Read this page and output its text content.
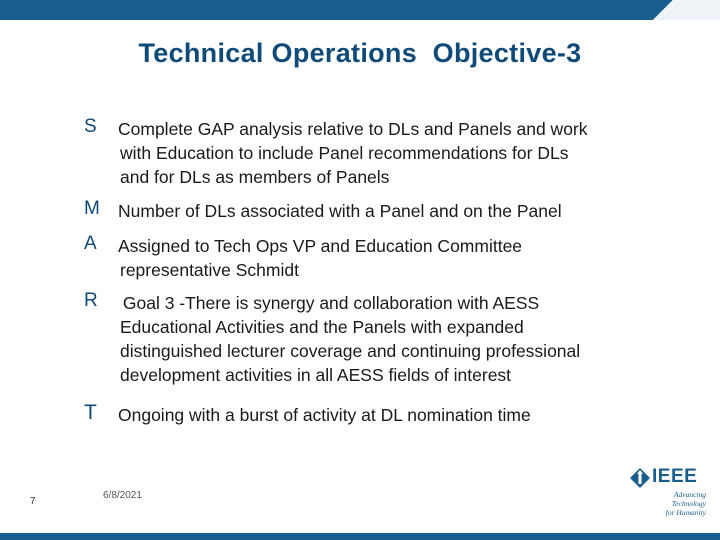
Technical Operations  Objective-3
S	Complete GAP analysis relative to DLs and Panels and work
with Education to include Panel recommendations for DLs
and for DLs as members of Panels
M	Number of DLs associated with a Panel and on the Panel
A	Assigned to Tech Ops VP and Education Committee
representative Schmidt
R	Goal 3 -There is synergy and collaboration with AESS
Educational Activities and the Panels with expanded
distinguished lecturer coverage and continuing professional
development activities in all AESS fields of interest
T	Ongoing with a burst of activity at DL nomination time
7
6/8/2021
IEEE
Advancing Technology
for Humanity
